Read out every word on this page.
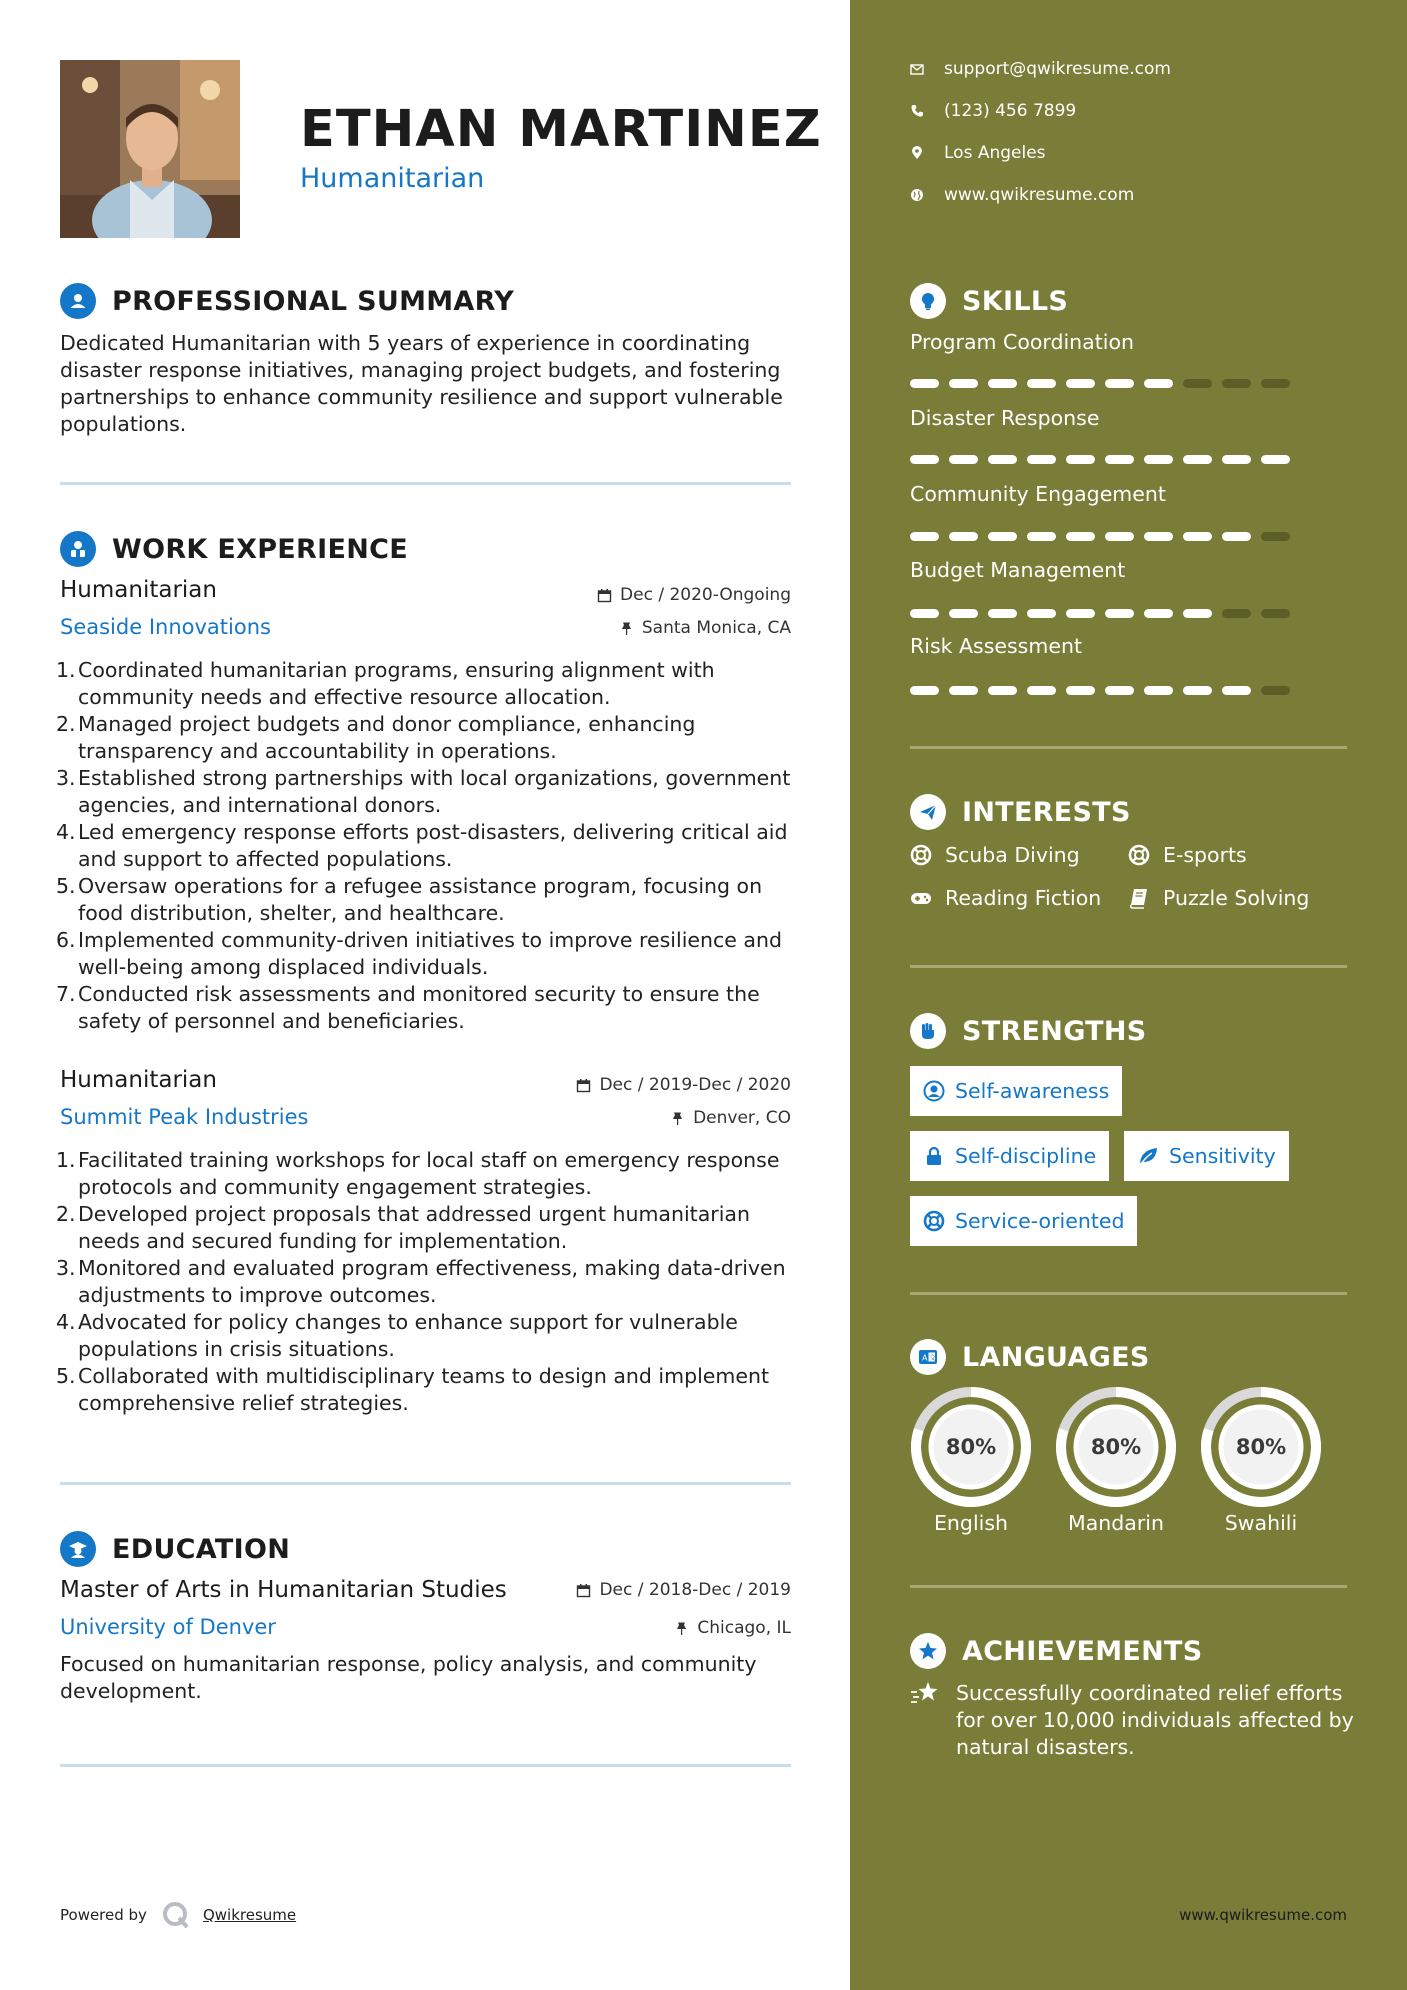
ETHAN MARTINEZ
Humanitarian
PROFESSIONAL SUMMARY
Dedicated Humanitarian with 5 years of experience in coordinating disaster response initiatives, managing project budgets, and fostering partnerships to enhance community resilience and support vulnerable populations.
WORK EXPERIENCE
Humanitarian
Seaside Innovations
Dec / 2020-Ongoing
Santa Monica, CA
1. Coordinated humanitarian programs, ensuring alignment with community needs and effective resource allocation.
2. Managed project budgets and donor compliance, enhancing transparency and accountability in operations.
3. Established strong partnerships with local organizations, government agencies, and international donors.
4. Led emergency response efforts post-disasters, delivering critical aid and support to affected populations.
5. Oversaw operations for a refugee assistance program, focusing on food distribution, shelter, and healthcare.
6. Implemented community-driven initiatives to improve resilience and well-being among displaced individuals.
7. Conducted risk assessments and monitored security to ensure the safety of personnel and beneficiaries.
Humanitarian
Summit Peak Industries
Dec / 2019-Dec / 2020
Denver, CO
1. Facilitated training workshops for local staff on emergency response protocols and community engagement strategies.
2. Developed project proposals that addressed urgent humanitarian needs and secured funding for implementation.
3. Monitored and evaluated program effectiveness, making data-driven adjustments to improve outcomes.
4. Advocated for policy changes to enhance support for vulnerable populations in crisis situations.
5. Collaborated with multidisciplinary teams to design and implement comprehensive relief strategies.
EDUCATION
Master of Arts in Humanitarian Studies
University of Denver
Dec / 2018-Dec / 2019
Chicago, IL
Focused on humanitarian response, policy analysis, and community development.
Powered by	Qwikresume
support@qwikresume.com
(123) 456 7899
Los Angeles
www.qwikresume.com
SKILLS
Program Coordination
Disaster Response
Community Engagement
Budget Management
Risk Assessment
INTERESTS
Scuba Diving	E-sports
Reading Fiction	Puzzle Solving
STRENGTHS
Self-awareness
Self-discipline	Sensitivity
Service-oriented
A 文 LANGUAGES
80%
English
80%
Mandarin
80%
Swahili
ACHIEVEMENTS
Successfully coordinated relief efforts for over 10,000 individuals affected by natural disasters.
www.qwikresume.com
